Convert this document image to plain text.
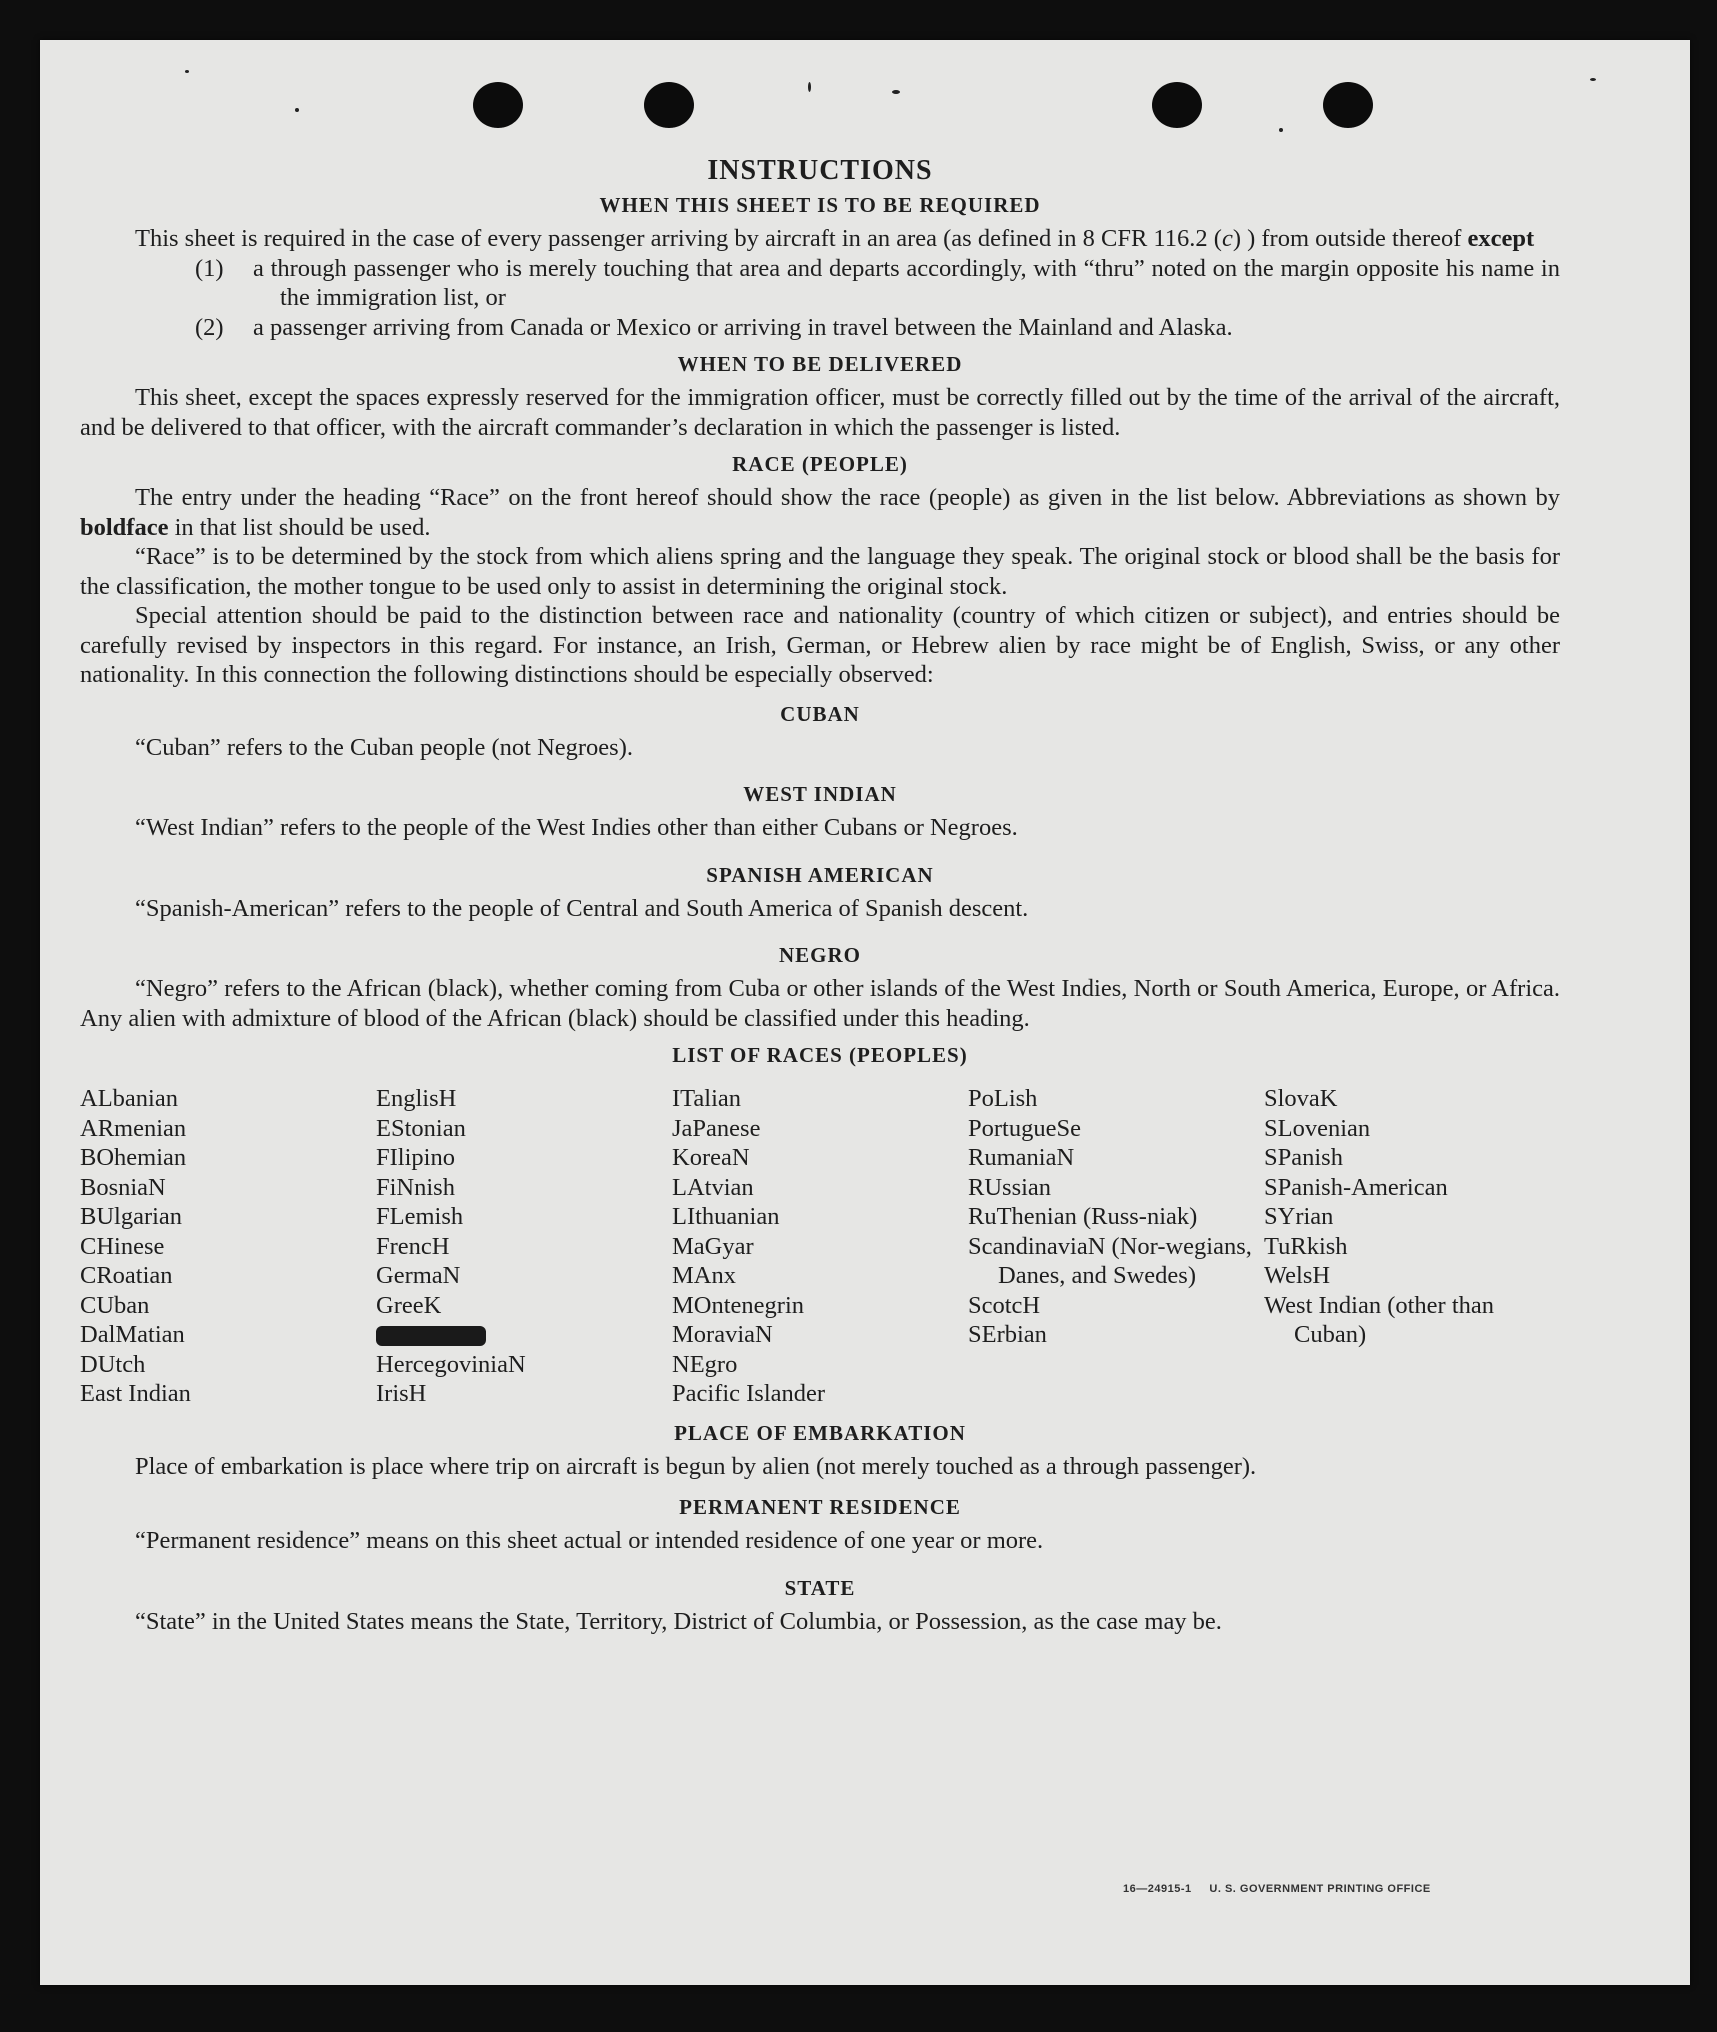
INSTRUCTIONS
WHEN THIS SHEET IS TO BE REQUIRED

This sheet is required in the case of every passenger arriving by aircraft in an area (as defined in 8 CFR 116.2 (c) ) from outside thereof except

(1) a through passenger who is merely touching that area and departs accordingly, with “thru” noted on the margin opposite his name in the immigration list, or
(2) a passenger arriving from Canada or Mexico or arriving in travel between the Mainland and Alaska.
WHEN TO BE DELIVERED

This sheet, except the spaces expressly reserved for the immigration officer, must be correctly filled out by the time of the arrival of the aircraft, and be delivered to that officer, with the aircraft commander’s declaration in which the passenger is listed.

RACE (PEOPLE)

The entry under the heading “Race” on the front hereof should show the race (people) as given in the list below. Abbreviations as shown by boldface in that list should be used.

“Race” is to be determined by the stock from which aliens spring and the language they speak. The original stock or blood shall be the basis for the classification, the mother tongue to be used only to assist in determining the original stock.

Special attention should be paid to the distinction between race and nationality (country of which citizen or subject), and entries should be carefully revised by inspectors in this regard. For instance, an Irish, German, or Hebrew alien by race might be of English, Swiss, or any other nationality. In this connection the following distinctions should be especially observed:

CUBAN

“Cuban” refers to the Cuban people (not Negroes).

WEST INDIAN

“West Indian” refers to the people of the West Indies other than either Cubans or Negroes.

SPANISH AMERICAN

“Spanish-American” refers to the people of Central and South America of Spanish descent.

NEGRO

“Negro” refers to the African (black), whether coming from Cuba or other islands of the West Indies, North or South America, Europe, or Africa. Any alien with admixture of blood of the African (black) should be classified under this heading.

LIST OF RACES (PEOPLES)
ALbanian
ARmenian
BOhemian
BosniaN
BUlgarian
CHinese
CRoatian
CUban
DalMatian
DUtch
East Indian
EnglisH
EStonian
FIlipino
FiNnish
FLemish
FrencH
GermaN
GreeK
HercegoviniaN
IrisH
ITalian
JaPanese
KoreaN
LAtvian
LIthuanian
MaGyar
MAnx
MOntenegrin
MoraviaN
NEgro
Pacific Islander
PoLish
PortugueSe
RumaniaN
RUssian
RuThenian (Russ-niak)
ScandinaviaN (Nor-wegians, Danes, and Swedes)
ScotcH
SErbian
SlovaK
SLovenian
SPanish
SPanish-American
SYrian
TuRkish
WelsH
West Indian (other than Cuban)
PLACE OF EMBARKATION

Place of embarkation is place where trip on aircraft is begun by alien (not merely touched as a through passenger).

PERMANENT RESIDENCE

“Permanent residence” means on this sheet actual or intended residence of one year or more.

STATE

“State” in the United States means the State, Territory, District of Columbia, or Possession, as the case may be.

16—24915-1     U. S. GOVERNMENT PRINTING OFFICE
